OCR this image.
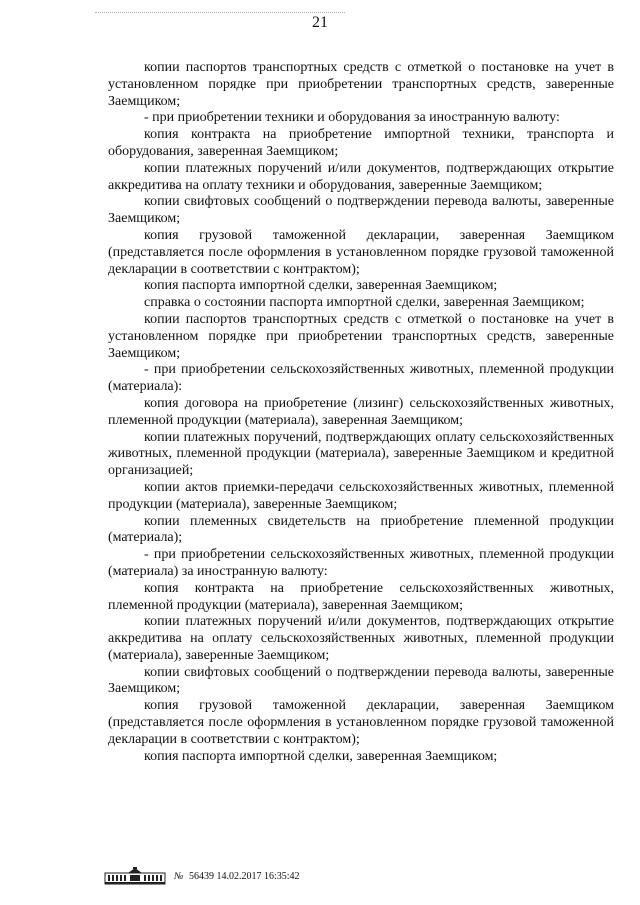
21

копии паспортов транспортных средств с отметкой о постановке на учет в установленном порядке при приобретении транспортных средств, заверенные Заемщиком;

- при приобретении техники и оборудования за иностранную валюту:

копия контракта на приобретение импортной техники, транспорта и оборудования, заверенная Заемщиком;

копии платежных поручений и/или документов, подтверждающих открытие аккредитива на оплату техники и оборудования, заверенные Заемщиком;

копии свифтовых сообщений о подтверждении перевода валюты, заверенные Заемщиком;

копия грузовой таможенной декларации, заверенная Заемщиком (представляется после оформления в установленном порядке грузовой таможенной декларации в соответствии с контрактом);

копия паспорта импортной сделки, заверенная Заемщиком;

справка о состоянии паспорта импортной сделки, заверенная Заемщиком;

копии паспортов транспортных средств с отметкой о постановке на учет в установленном порядке при приобретении транспортных средств, заверенные Заемщиком;

- при приобретении сельскохозяйственных животных, племенной продукции (материала):

копия договора на приобретение (лизинг) сельскохозяйственных животных, племенной продукции (материала), заверенная Заемщиком;

копии платежных поручений, подтверждающих оплату сельскохозяйственных животных, племенной продукции (материала), заверенные Заемщиком и кредитной организацией;

копии актов приемки-передачи сельскохозяйственных животных, племенной продукции (материала), заверенные Заемщиком;

копии племенных свидетельств на приобретение племенной продукции (материала);

- при приобретении сельскохозяйственных животных, племенной продукции (материала) за иностранную валюту:

копия контракта на приобретение сельскохозяйственных животных, племенной продукции (материала), заверенная Заемщиком;

копии платежных поручений и/или документов, подтверждающих открытие аккредитива на оплату сельскохозяйственных животных, племенной продукции (материала), заверенные Заемщиком;

копии свифтовых сообщений о подтверждении перевода валюты, заверенные Заемщиком;

копия грузовой таможенной декларации, заверенная Заемщиком (представляется после оформления в установленном порядке грузовой таможенной декларации в соответствии с контрактом);

копия паспорта импортной сделки, заверенная Заемщиком;

№ 56439 14.02.2017 16:35:42
